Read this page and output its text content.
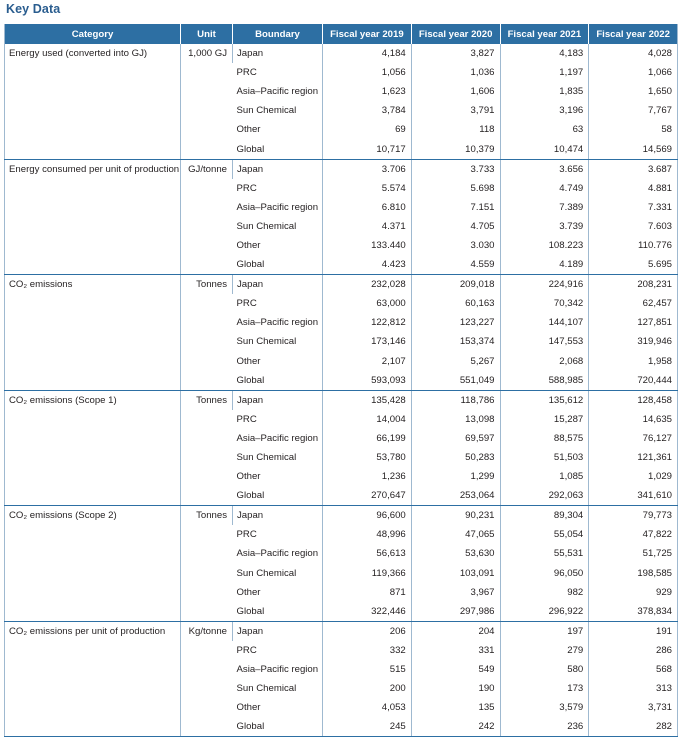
Key Data
Category	Unit	Boundary	Fiscal year 2019	Fiscal year 2020	Fiscal year 2021	Fiscal year 2022
Energy used (converted into GJ)	1,000 GJ	Japan	4,184	3,827	4,183	4,028
		PRC	1,056	1,036	1,197	1,066
		Asia–Pacific region	1,623	1,606	1,835	1,650
		Sun Chemical	3,784	3,791	3,196	7,767
		Other	69	118	63	58
		Global	10,717	10,379	10,474	14,569
Energy consumed per unit of production	GJ/tonne	Japan	3.706	3.733	3.656	3.687
		PRC	5.574	5.698	4.749	4.881
		Asia–Pacific region	6.810	7.151	7.389	7.331
		Sun Chemical	4.371	4.705	3.739	7.603
		Other	133.440	3.030	108.223	110.776
		Global	4.423	4.559	4.189	5.695
CO₂ emissions	Tonnes	Japan	232,028	209,018	224,916	208,231
		PRC	63,000	60,163	70,342	62,457
		Asia–Pacific region	122,812	123,227	144,107	127,851
		Sun Chemical	173,146	153,374	147,553	319,946
		Other	2,107	5,267	2,068	1,958
		Global	593,093	551,049	588,985	720,444
CO₂ emissions (Scope 1)	Tonnes	Japan	135,428	118,786	135,612	128,458
		PRC	14,004	13,098	15,287	14,635
		Asia–Pacific region	66,199	69,597	88,575	76,127
		Sun Chemical	53,780	50,283	51,503	121,361
		Other	1,236	1,299	1,085	1,029
		Global	270,647	253,064	292,063	341,610
CO₂ emissions (Scope 2)	Tonnes	Japan	96,600	90,231	89,304	79,773
		PRC	48,996	47,065	55,054	47,822
		Asia–Pacific region	56,613	53,630	55,531	51,725
		Sun Chemical	119,366	103,091	96,050	198,585
		Other	871	3,967	982	929
		Global	322,446	297,986	296,922	378,834
CO₂ emissions per unit of production	Kg/tonne	Japan	206	204	197	191
		PRC	332	331	279	286
		Asia–Pacific region	515	549	580	568
		Sun Chemical	200	190	173	313
		Other	4,053	135	3,579	3,731
		Global	245	242	236	282
